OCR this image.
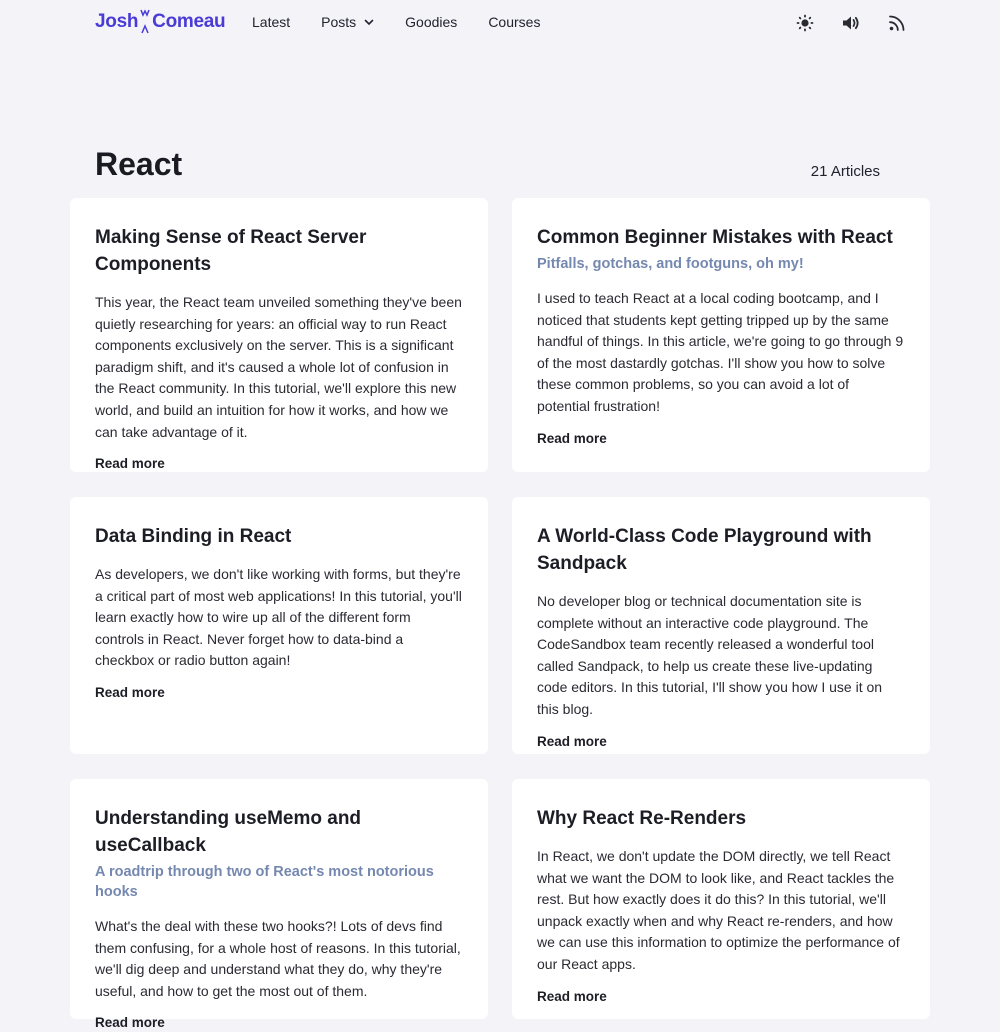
Josh Comeau Latest Posts	Goodies Courses
React	21 Articles
Making Sense of React Server Components

This year, the React team unveiled something they've been quietly researching for years: an official way to run React components exclusively on the server. This is a significant paradigm shift, and it's caused a whole lot of confusion in the React community. In this tutorial, we'll explore this new world, and build an intuition for how it works, and how we can take advantage of it.

Read more
Common Beginner Mistakes with React
Pitfalls, gotchas, and footguns, oh my!

I used to teach React at a local coding bootcamp, and I noticed that students kept getting tripped up by the same handful of things. In this article, we're going to go through 9 of the most dastardly gotchas. I'll show you how to solve these common problems, so you can avoid a lot of potential frustration!

Read more
Data Binding in React

As developers, we don't like working with forms, but they're a critical part of most web applications! In this tutorial, you'll learn exactly how to wire up all of the different form controls in React. Never forget how to data-bind a checkbox or radio button again!

Read more
A World-Class Code Playground with Sandpack

No developer blog or technical documentation site is complete without an interactive code playground. The CodeSandbox team recently released a wonderful tool called Sandpack, to help us create these live-updating code editors. In this tutorial, I'll show you how I use it on this blog.

Read more
Understanding useMemo and useCallback
A roadtrip through two of React's most notorious hooks

What's the deal with these two hooks?! Lots of devs find them confusing, for a whole host of reasons. In this tutorial, we'll dig deep and understand what they do, why they're useful, and how to get the most out of them.

Read more
Why React Re-Renders

In React, we don't update the DOM directly, we tell React what we want the DOM to look like, and React tackles the rest. But how exactly does it do this? In this tutorial, we'll unpack exactly when and why React re-renders, and how we can use this information to optimize the performance of our React apps.

Read more
